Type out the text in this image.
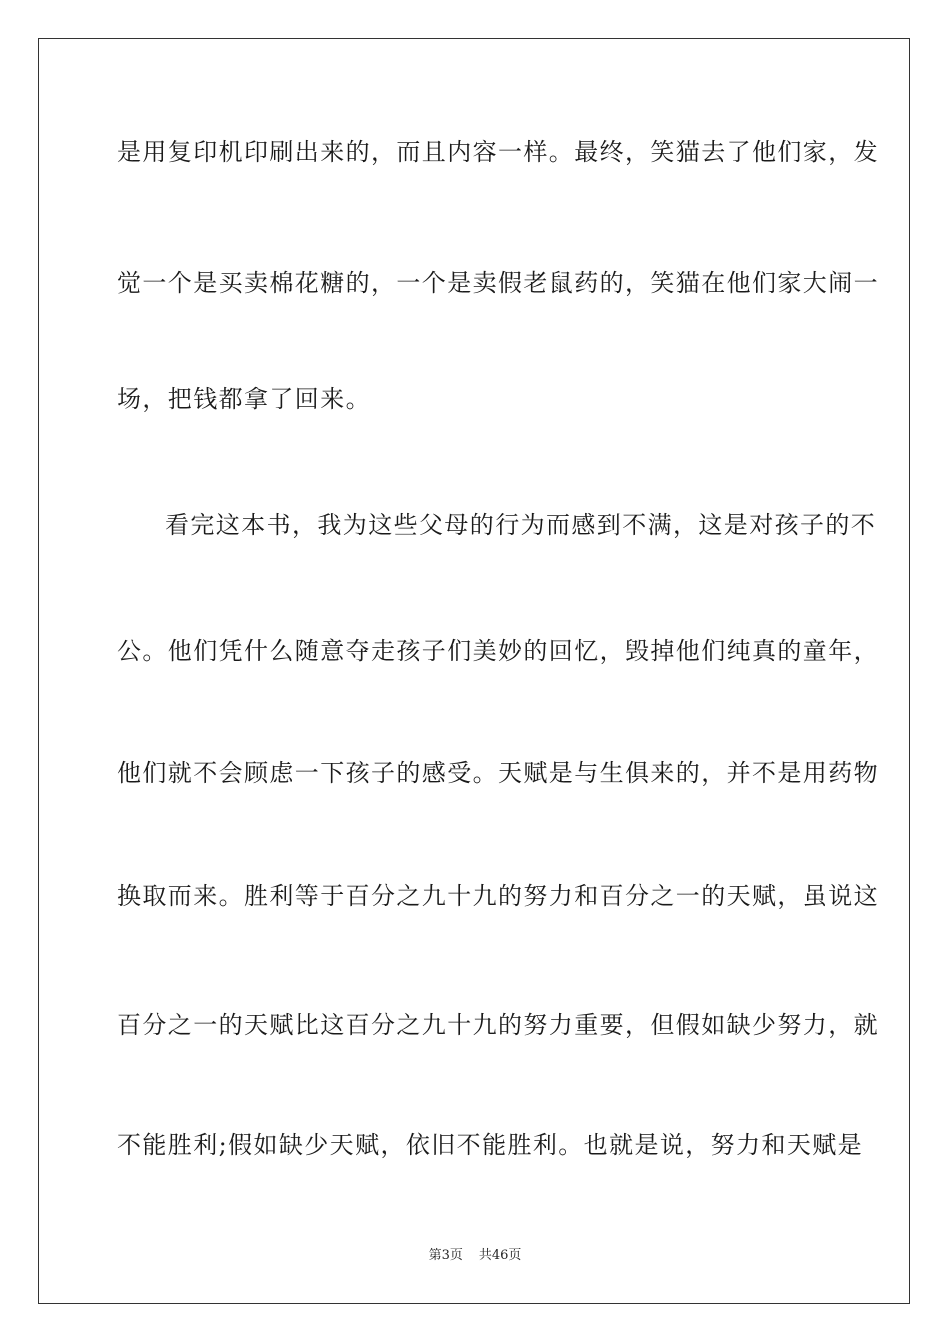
是用复印机印刷出来的，而且内容一样。最终，笑猫去了他们家，发
觉一个是买卖棉花糖的，一个是卖假老鼠药的，笑猫在他们家大闹一
场，把钱都拿了回来。
看完这本书，我为这些父母的行为而感到不满，这是对孩子的不
公。他们凭什么随意夺走孩子们美妙的回忆，毁掉他们纯真的童年，
他们就不会顾虑一下孩子的感受。天赋是与生俱来的，并不是用药物
换取而来。胜利等于百分之九十九的努力和百分之一的天赋，虽说这
百分之一的天赋比这百分之九十九的努力重要，但假如缺少努力，就
不能胜利;假如缺少天赋，依旧不能胜利。也就是说，努力和天赋是
第3页 共46页
